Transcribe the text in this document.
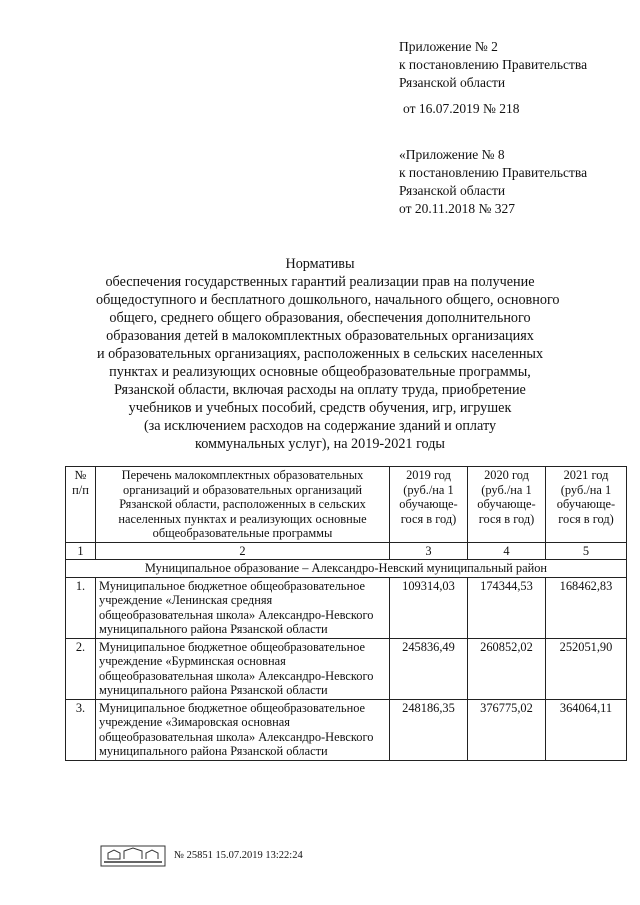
Приложение № 2
к постановлению Правительства
Рязанской области
от 16.07.2019 № 218
«Приложение № 8
к постановлению Правительства
Рязанской области
от 20.11.2018 № 327
Нормативы
обеспечения государственных гарантий реализации прав на получение
общедоступного и бесплатного дошкольного, начального общего, основного
общего, среднего общего образования, обеспечения дополнительного
образования детей в малокомплектных образовательных организациях
и образовательных организациях, расположенных в сельских населенных
пунктах и реализующих основные общеобразовательные программы,
Рязанской области, включая расходы на оплату труда, приобретение
учебников и учебных пособий, средств обучения, игр, игрушек
(за исключением расходов на содержание зданий и оплату
коммунальных услуг), на 2019-2021 годы
№ п/п	Перечень малокомплектных образовательных организаций и образовательных организаций Рязанской области, расположенных в сельских населенных пунктах и реализующих основные общеобразовательные программы	2019 год (руб./на 1 обучающе- гося в год)	2020 год (руб./на 1 обучающе- гося в год)	2021 год (руб./на 1 обучающе- гося в год)
1	2	3	4	5
Муниципальное образование – Александро-Невский муниципальный район				
1.	Муниципальное бюджетное общеобразовательное учреждение «Ленинская средняя общеобразовательная школа» Александро-Невского муниципального района Рязанской области	109314,03	174344,53	168462,83
2.	Муниципальное бюджетное общеобразовательное учреждение «Бурминская основная общеобразовательная школа» Александро-Невского муниципального района Рязанской области	245836,49	260852,02	252051,90
3.	Муниципальное бюджетное общеобразовательное учреждение «Зимаровская основная общеобразовательная школа» Александро-Невского муниципального района Рязанской области	248186,35	376775,02	364064,11
№ 25851 15.07.2019 13:22:24
